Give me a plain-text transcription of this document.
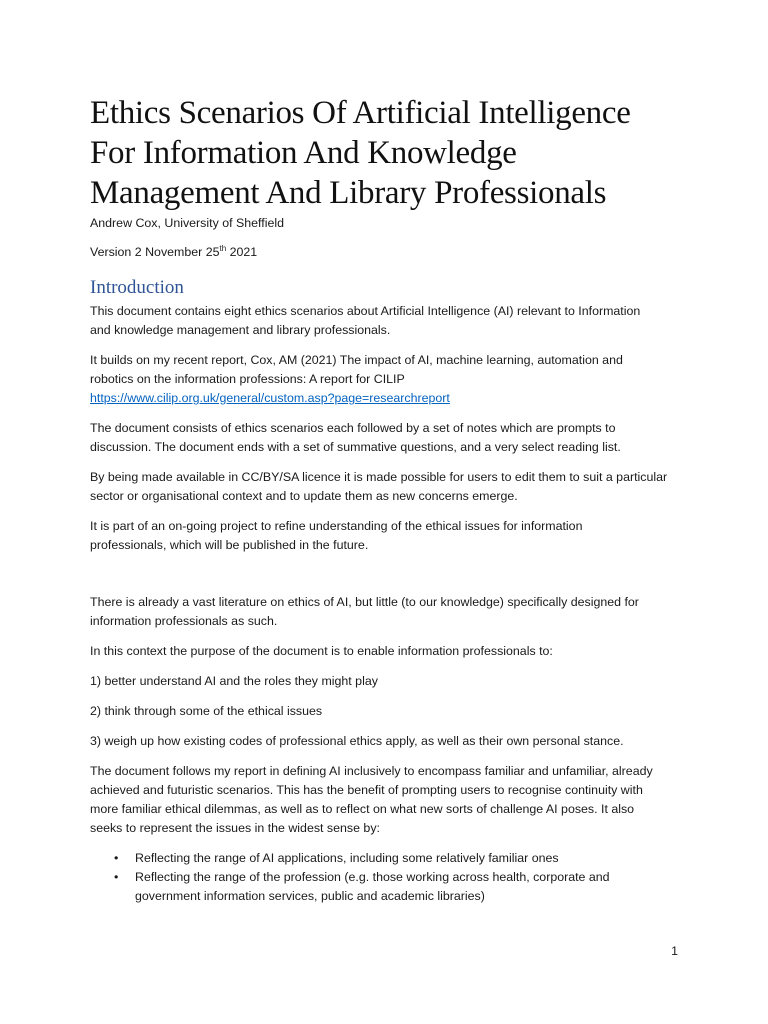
Ethics Scenarios Of Artificial Intelligence
For Information And Knowledge
Management And Library Professionals
Andrew Cox, University of Sheffield
Version 2 November 25th 2021
Introduction

This document contains eight ethics scenarios about Artificial Intelligence (AI) relevant to Information
and knowledge management and library professionals.

It builds on my recent report, Cox, AM (2021) The impact of AI, machine learning, automation and
robotics on the information professions: A report for CILIP
https://www.cilip.org.uk/general/custom.asp?page=researchreport

The document consists of ethics scenarios each followed by a set of notes which are prompts to
discussion. The document ends with a set of summative questions, and a very select reading list.

By being made available in CC/BY/SA licence it is made possible for users to edit them to suit a particular
sector or organisational context and to update them as new concerns emerge.

It is part of an on-going project to refine understanding of the ethical issues for information
professionals, which will be published in the future.

There is already a vast literature on ethics of AI, but little (to our knowledge) specifically designed for
information professionals as such.

In this context the purpose of the document is to enable information professionals to:

1) better understand AI and the roles they might play

2) think through some of the ethical issues

3) weigh up how existing codes of professional ethics apply, as well as their own personal stance.

The document follows my report in defining AI inclusively to encompass familiar and unfamiliar, already
achieved and futuristic scenarios. This has the benefit of prompting users to recognise continuity with
more familiar ethical dilemmas, as well as to reflect on what new sorts of challenge AI poses. It also
seeks to represent the issues in the widest sense by:

• Reflecting the range of AI applications, including some relatively familiar ones
• Reflecting the range of the profession (e.g. those working across health, corporate and
government information services, public and academic libraries)
1
